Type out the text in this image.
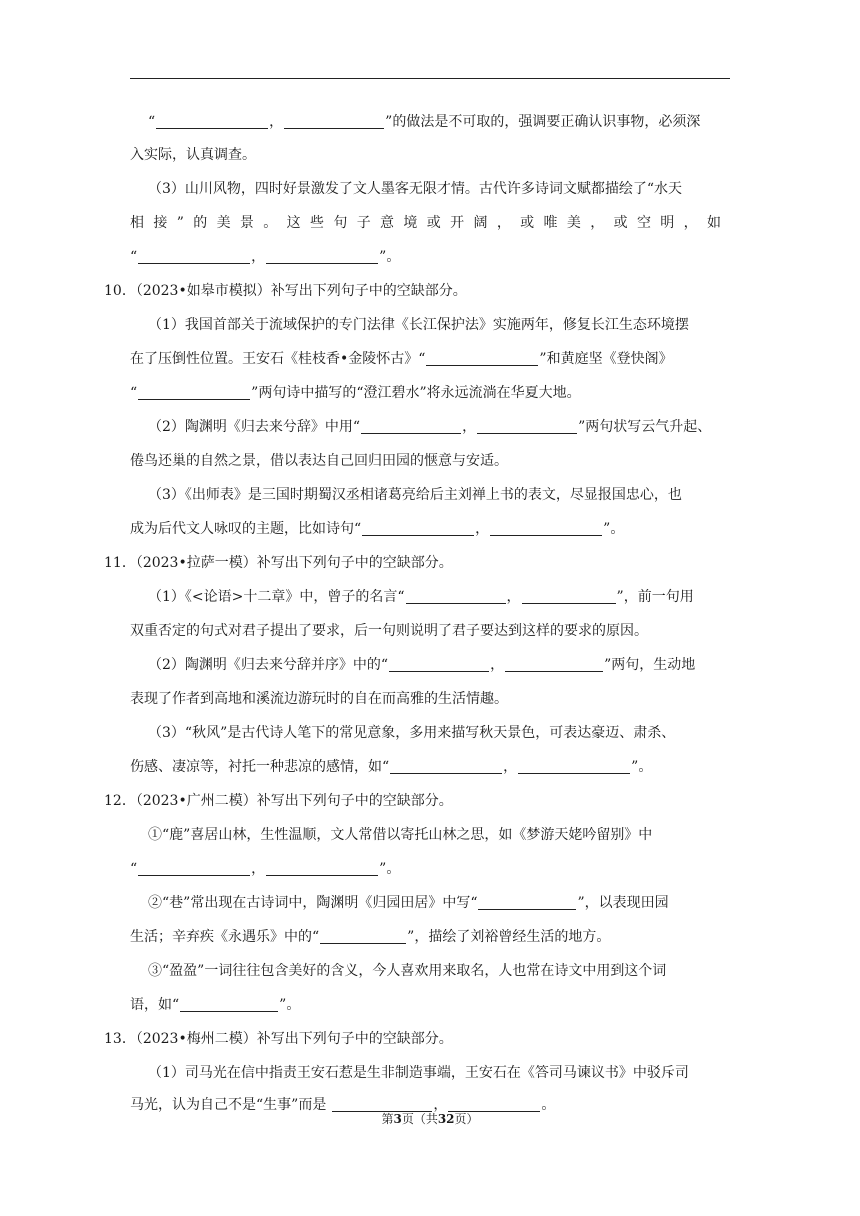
“	，	”的做法是不可取的，强调要正确认识事物，必须深
入实际，认真调查。
（3）山川风物，四时好景激发了文人墨客无限才情。古代许多诗词文赋都描绘了“水天
相接”的美景。这些句子意境或开阔，或唯美，或空明，如
“	，	”。
10．（2023•如皋市模拟）补写出下列句子中的空缺部分。
（1）我国首部关于流域保护的专门法律《长江保护法》实施两年，修复长江生态环境摆
在了压倒性位置。王安石《桂枝香•金陵怀古》“	”和黄庭坚《登快阁》
“	”两句诗中描写的“澄江碧水”将永远流淌在华夏大地。
（2）陶渊明《归去来兮辞》中用“	，	”两句状写云气升起、
倦鸟还巢的自然之景，借以表达自己回归田园的惬意与安适。
（3）《出师表》是三国时期蜀汉丞相诸葛亮给后主刘禅上书的表文，尽显报国忠心，也
成为后代文人咏叹的主题，比如诗句“	，	”。
11．（2023•拉萨一模）补写出下列句子中的空缺部分。
（1）《<论语>十二章》中，曾子的名言“	，	”，前一句用
双重否定的句式对君子提出了要求，后一句则说明了君子要达到这样的要求的原因。
（2）陶渊明《归去来兮辞并序》中的“	，	”两句，生动地
表现了作者到高地和溪流边游玩时的自在而高雅的生活情趣。
（3）“秋风”是古代诗人笔下的常见意象，多用来描写秋天景色，可表达豪迈、肃杀、
伤感、凄凉等，衬托一种悲凉的感情，如“	，	”。
12．（2023•广州二模）补写出下列句子中的空缺部分。
①“鹿”喜居山林，生性温顺，文人常借以寄托山林之思，如《梦游天姥吟留别》中
“	，	”。
②“巷”常出现在古诗词中，陶渊明《归园田居》中写“	”，以表现田园
生活；辛弃疾《永遇乐》中的“	”，描绘了刘裕曾经生活的地方。
③“盈盈”一词往往包含美好的含义，今人喜欢用来取名，人也常在诗文中用到这个词
语，如“	”。
13．（2023•梅州二模）补写出下列句子中的空缺部分。
（1）司马光在信中指责王安石惹是生非制造事端，王安石在《答司马谏议书》中驳斥司
马光，认为自己不是“生事”而是	，	。
第3页（共32页）
